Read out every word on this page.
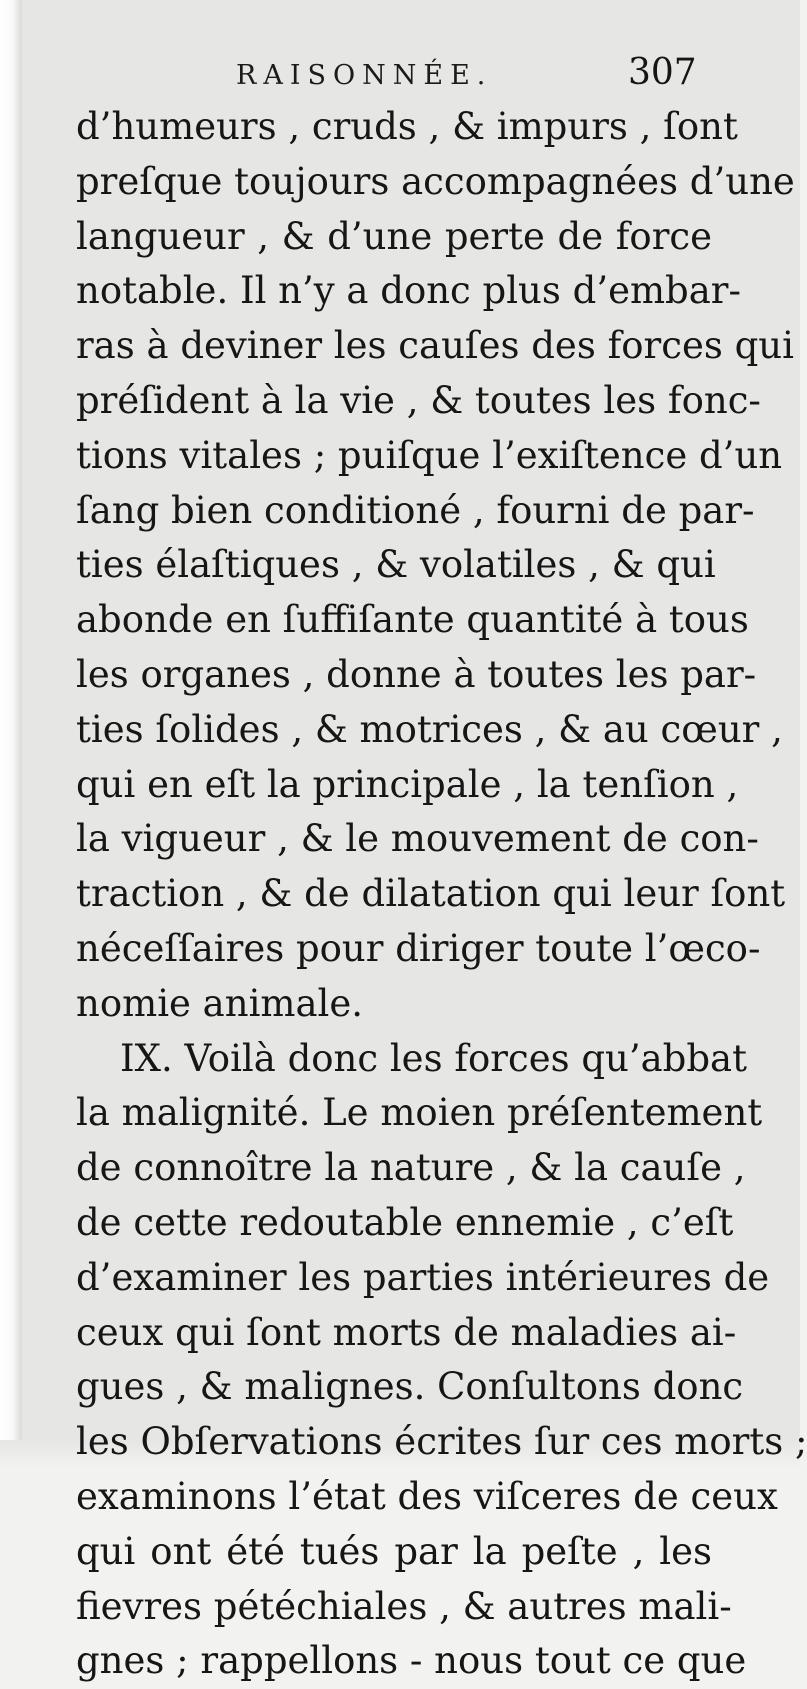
RAISONNÉE.	307
d’humeurs , cruds , & impurs , ſont
preſque toujours accompagnées d’une
langueur , & d’une perte de force
notable. Il n’y a donc plus d’embar-
ras à deviner les cauſes des forces qui
préſident à la vie , & toutes les fonc-
tions vitales ; puiſque l’exiſtence d’un
ſang bien conditioné , fourni de par-
ties élaſtiques , & volatiles , & qui
abonde en ſuffiſante quantité à tous
les organes , donne à toutes les par-
ties ſolides , & motrices , & au cœur ,
qui en eſt la principale , la tenſion ,
la vigueur , & le mouvement de con-
traction , & de dilatation qui leur ſont
néceſſaires pour diriger toute l’œco-
nomie animale.
IX. Voilà donc les forces qu’abbat
la malignité. Le moien préſentement
de connoître la nature , & la cauſe ,
de cette redoutable ennemie , c’eſt
d’examiner les parties intérieures de
ceux qui ſont morts de maladies ai-
gues , & malignes. Conſultons donc
les Obſervations écrites ſur ces morts ;
examinons l’état des viſceres de ceux
qui ont été tués par la peſte , les
fievres pétéchiales , & autres mali-
gnes ; rappellons - nous tout ce que
